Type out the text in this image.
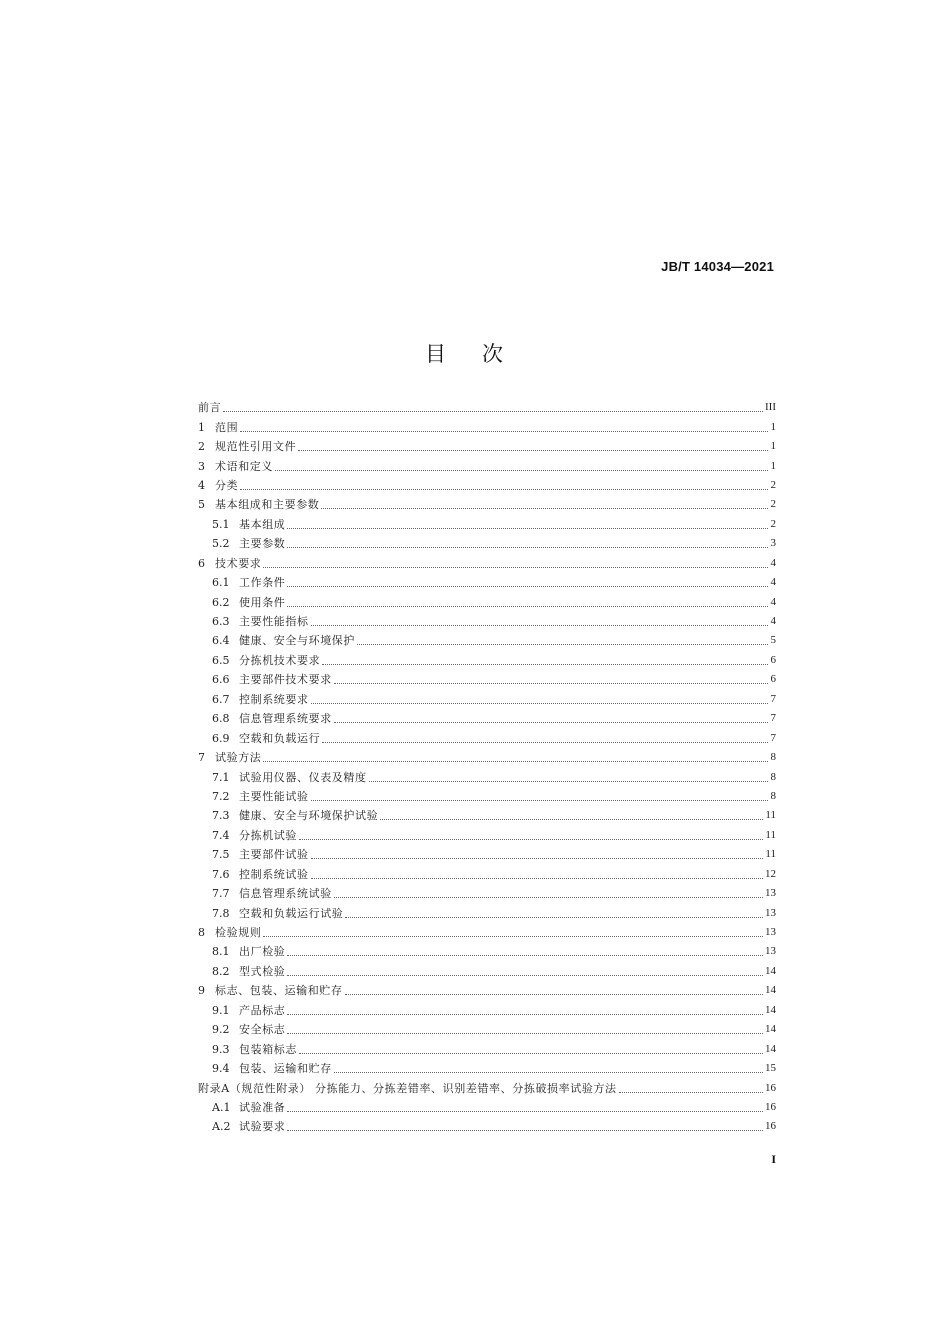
JB/T 14034—2021
目次
前言	III
1 范围	1
2 规范性引用文件	1
3 术语和定义	1
4 分类	2
5 基本组成和主要参数	2
5.1 基本组成	2
5.2 主要参数	3
6 技术要求	4
6.1 工作条件	4
6.2 使用条件	4
6.3 主要性能指标	4
6.4 健康、安全与环境保护	5
6.5 分拣机技术要求	6
6.6 主要部件技术要求	6
6.7 控制系统要求	7
6.8 信息管理系统要求	7
6.9 空载和负载运行	7
7 试验方法	8
7.1 试验用仪器、仪表及精度	8
7.2 主要性能试验	8
7.3 健康、安全与环境保护试验	11
7.4 分拣机试验	11
7.5 主要部件试验	11
7.6 控制系统试验	12
7.7 信息管理系统试验	13
7.8 空载和负载运行试验	13
8 检验规则	13
8.1 出厂检验	13
8.2 型式检验	14
9 标志、包装、运输和贮存	14
9.1 产品标志	14
9.2 安全标志	14
9.3 包装箱标志	14
9.4 包装、运输和贮存	15
附录A（规范性附录） 分拣能力、分拣差错率、识别差错率、分拣破损率试验方法	16
A.1 试验准备	16
A.2 试验要求	16
I
